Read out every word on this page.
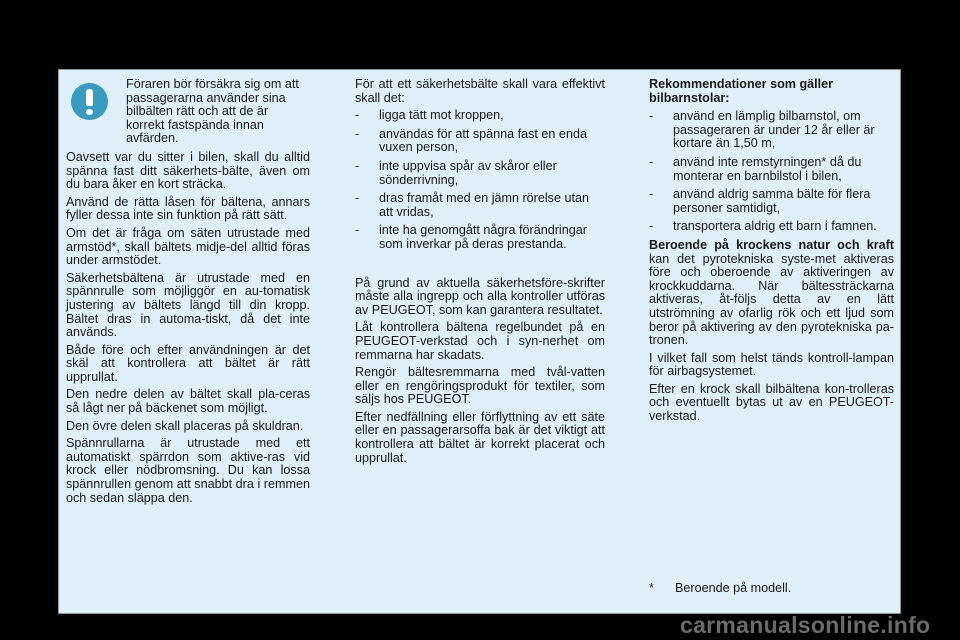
Föraren bör försäkra sig om att passagerarna använder sina bilbälten rätt och att de är korrekt fastspända innan avfärden.

Oavsett var du sitter i bilen, skall du alltid spänna fast ditt säkerhets-bälte, även om du bara åker en kort sträcka.

Använd de rätta låsen för bältena, annars fyller dessa inte sin funktion på rätt sätt.

Om det är fråga om säten utrustade med armstöd*, skall bältets midje-del alltid föras under armstödet.

Säkerhetsbältena är utrustade med en spännrulle som möjliggör en au-tomatisk justering av bältets längd till din kropp. Bältet dras in automa-tiskt, då det inte används.

Både före och efter användningen är det skäl att kontrollera att bältet är rätt upprullat.

Den nedre delen av bältet skall pla-ceras så lågt ner på bäckenet som möjligt.

Den övre delen skall placeras på skuldran.

Spännrullarna är utrustade med ett automatiskt spärrdon som aktive-ras vid krock eller nödbromsning. Du kan lossa spännrullen genom att snabbt dra i remmen och sedan släppa den.

För att ett säkerhetsbälte skall vara effektivt skall det:

- ligga tätt mot kroppen,
- användas för att spänna fast en enda vuxen person,
- inte uppvisa spår av skåror eller sönderrivning,
- dras framåt med en jämn rörelse utan att vridas,
- inte ha genomgått några förändringar som inverkar på deras prestanda.

På grund av aktuella säkerhetsföre-skrifter måste alla ingrepp och alla kontroller utföras av PEUGEOT, som kan garantera resultatet.

Låt kontrollera bältena regelbundet på en PEUGEOT-verkstad och i syn-nerhet om remmarna har skadats.

Rengör bältesremmarna med tvål-vatten eller en rengöringsprodukt för textiler, som säljs hos PEUGEOT.

Efter nedfällning eller förflyttning av ett säte eller en passagerarsoffa bak är det viktigt att kontrollera att bältet är korrekt placerat och upprullat.

Rekommendationer som gäller bilbarnstolar:

- använd en lämplig bilbarnstol, om passageraren är under 12 år eller är kortare än 1,50 m,
- använd inte remstyrningen* då du monterar en barnbilstol i bilen,
- använd aldrig samma bälte för flera personer samtidigt,
- transportera aldrig ett barn i famnen.

Beroende på krockens natur och kraft kan det pyrotekniska syste-met aktiveras före och oberoende av aktiveringen av krockkuddarna. När bältessträckarna aktiveras, åt-följs detta av en lätt utströmning av ofarlig rök och ett ljud som beror på aktivering av den pyrotekniska pa-tronen.

I vilket fall som helst tänds kontroll-lampan för airbagsystemet.

Efter en krock skall bilbältena kon-trolleras och eventuellt bytas ut av en PEUGEOT-verkstad.

* Beroende på modell.
carmanualsonline.info
